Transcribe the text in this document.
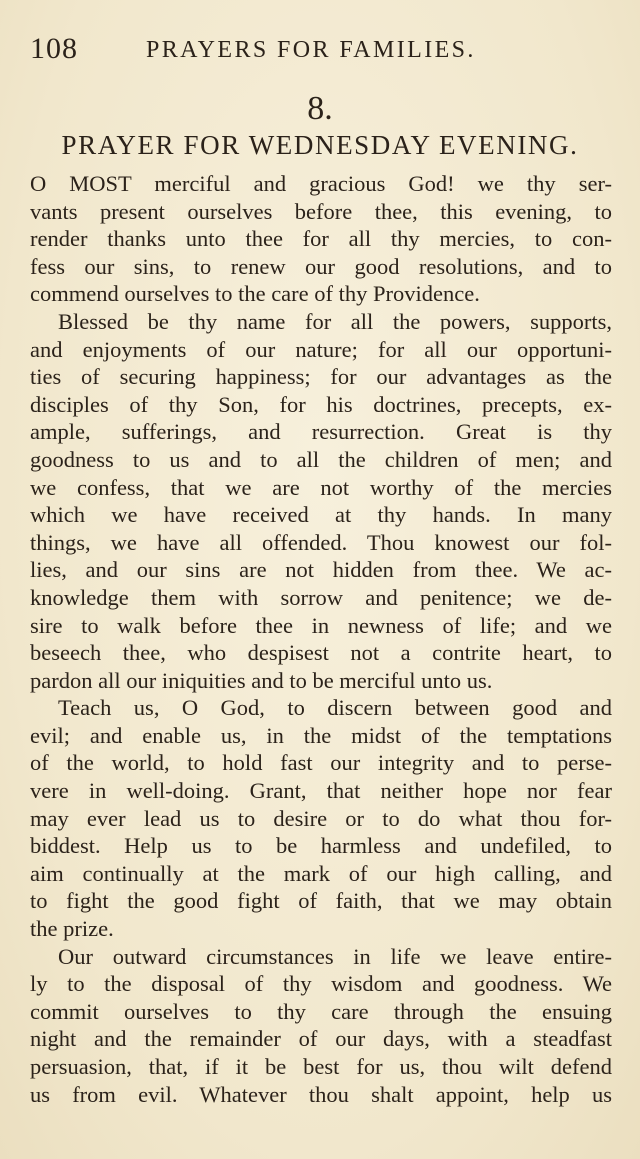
108	PRAYERS FOR FAMILIES.
8.
PRAYER FOR WEDNESDAY EVENING.
O MOST merciful and gracious God! we thy ser-
vants present ourselves before thee, this evening, to
render thanks unto thee for all thy mercies, to con-
fess our sins, to renew our good resolutions, and to
commend ourselves to the care of thy Providence.
Blessed be thy name for all the powers, supports,
and enjoyments of our nature; for all our opportuni-
ties of securing happiness; for our advantages as the
disciples of thy Son, for his doctrines, precepts, ex-
ample, sufferings, and resurrection. Great is thy
goodness to us and to all the children of men; and
we confess, that we are not worthy of the mercies
which we have received at thy hands. In many
things, we have all offended. Thou knowest our fol-
lies, and our sins are not hidden from thee. We ac-
knowledge them with sorrow and penitence; we de-
sire to walk before thee in newness of life; and we
beseech thee, who despisest not a contrite heart, to
pardon all our iniquities and to be merciful unto us.
Teach us, O God, to discern between good and
evil; and enable us, in the midst of the temptations
of the world, to hold fast our integrity and to perse-
vere in well-doing. Grant, that neither hope nor fear
may ever lead us to desire or to do what thou for-
biddest. Help us to be harmless and undefiled, to
aim continually at the mark of our high calling, and
to fight the good fight of faith, that we may obtain
the prize.
Our outward circumstances in life we leave entire-
ly to the disposal of thy wisdom and goodness. We
commit ourselves to thy care through the ensuing
night and the remainder of our days, with a steadfast
persuasion, that, if it be best for us, thou wilt defend
us from evil. Whatever thou shalt appoint, help us
